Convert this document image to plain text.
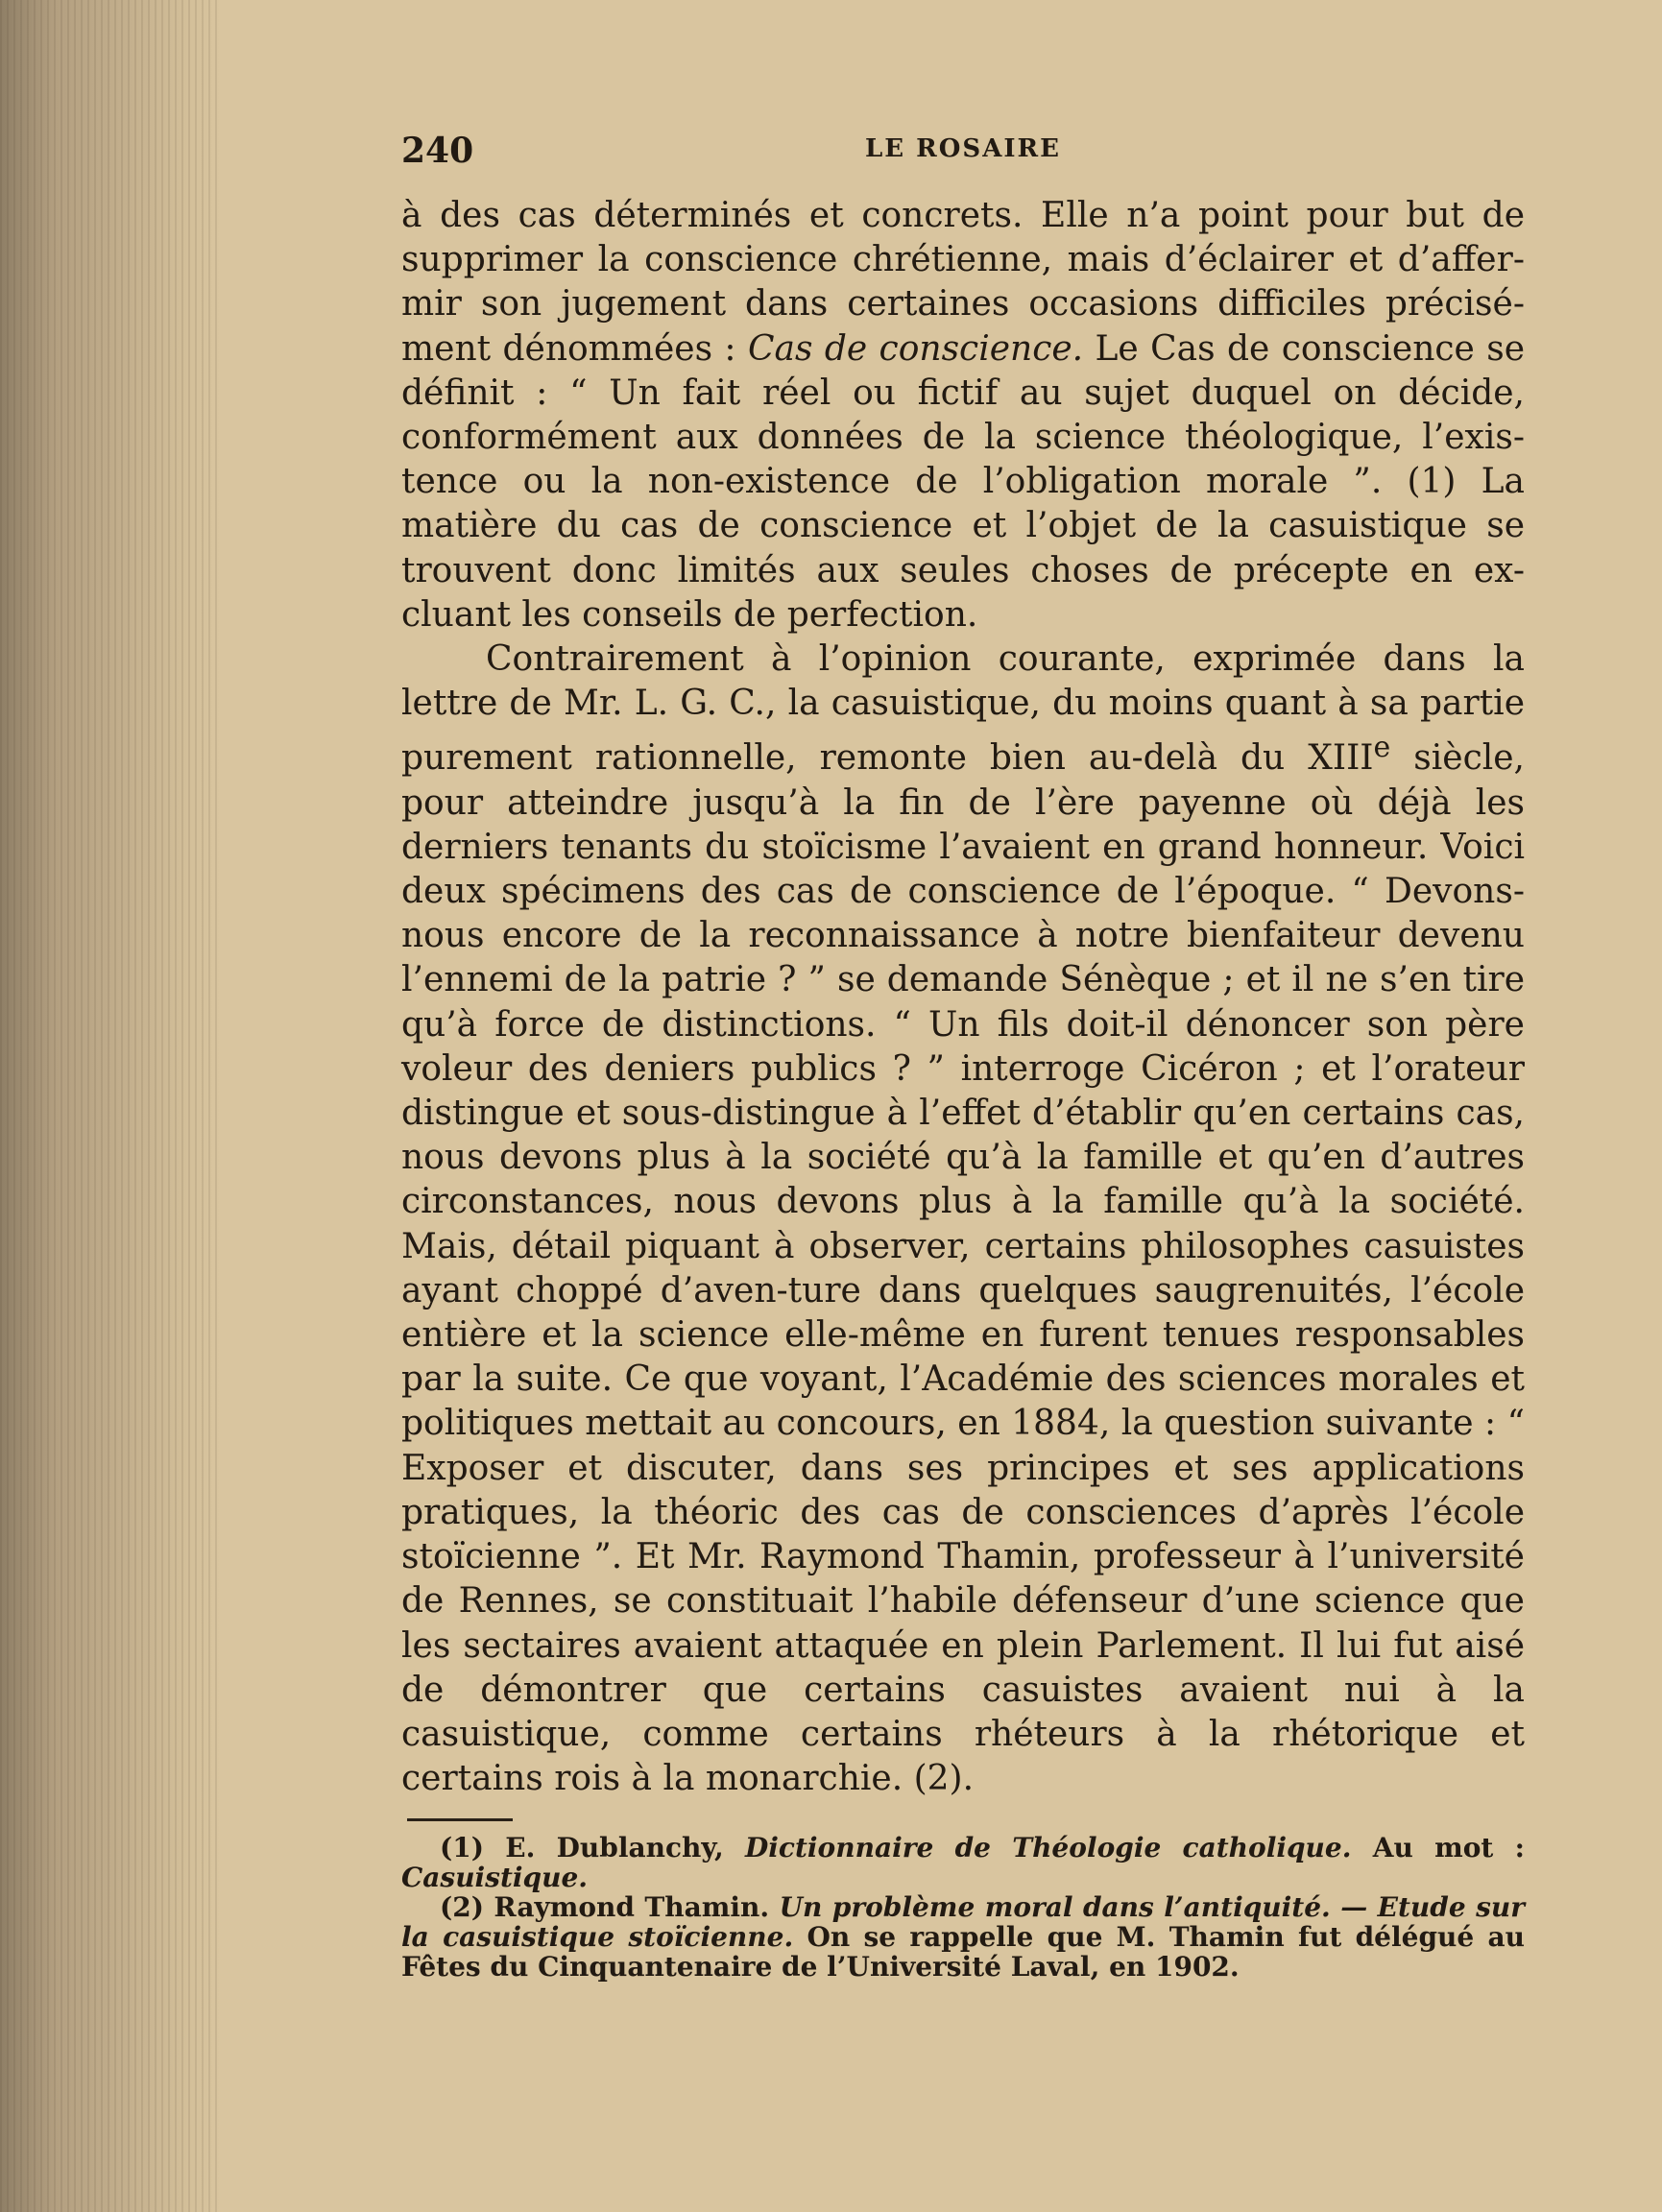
240	LE ROSAIRE

à des cas déterminés et concrets. Elle n’a point pour but de supprimer la conscience chrétienne, mais d’éclairer et d’affer-mir son jugement dans certaines occasions difficiles précisé-ment dénommées : Cas de conscience. Le Cas de conscience se définit : “ Un fait réel ou fictif au sujet duquel on décide, conformément aux données de la science théologique, l’exis-tence ou la non-existence de l’obligation morale ”. (1) La matière du cas de conscience et l’objet de la casuistique se trouvent donc limités aux seules choses de précepte en ex-cluant les conseils de perfection.

Contrairement à l’opinion courante, exprimée dans la lettre de Mr. L. G. C., la casuistique, du moins quant à sa partie purement rationnelle, remonte bien au-delà du XIIIe siècle, pour atteindre jusqu’à la fin de l’ère payenne où déjà les derniers tenants du stoïcisme l’avaient en grand honneur. Voici deux spécimens des cas de conscience de l’époque. “ Devons-nous encore de la reconnaissance à notre bienfaiteur devenu l’ennemi de la patrie ? ” se demande Sénèque ; et il ne s’en tire qu’à force de distinctions. “ Un fils doit-il dénoncer son père voleur des deniers publics ? ” interroge Cicéron ; et l’orateur distingue et sous-distingue à l’effet d’établir qu’en certains cas, nous devons plus à la société qu’à la famille et qu’en d’autres circonstances, nous devons plus à la famille qu’à la société. Mais, détail piquant à observer, certains philosophes casuistes ayant choppé d’aven-ture dans quelques saugrenuités, l’école entière et la science elle-même en furent tenues responsables par la suite. Ce que voyant, l’Académie des sciences morales et politiques mettait au concours, en 1884, la question suivante : “ Exposer et discuter, dans ses principes et ses applications pratiques, la théoric des cas de consciences d’après l’école stoïcienne ”. Et Mr. Raymond Thamin, professeur à l’université de Rennes, se constituait l’habile défenseur d’une science que les sectaires avaient attaquée en plein Parlement. Il lui fut aisé de démontrer que certains casuistes avaient nui à la casuistique, comme certains rhéteurs à la rhétorique et certains rois à la monarchie. (2).

(1) E. Dublanchy, Dictionnaire de Théologie catholique. Au mot : Casuistique.

(2) Raymond Thamin. Un problème moral dans l’antiquité. — Etude sur la casuistique stoïcienne. On se rappelle que M. Thamin fut délégué au Fêtes du Cinquantenaire de l’Université Laval, en 1902.
